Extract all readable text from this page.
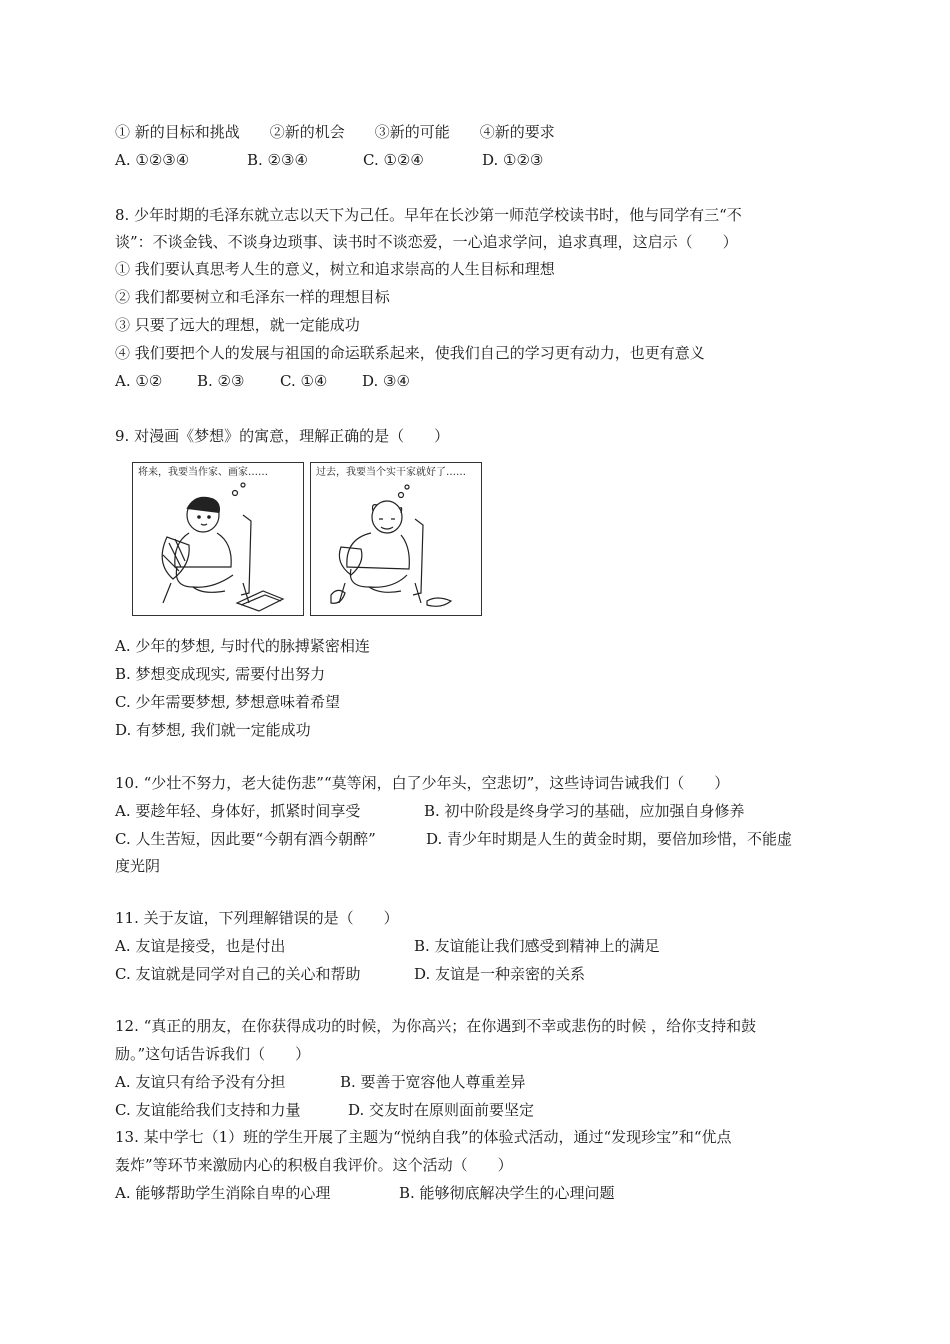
① 新的目标和挑战　　②新的机会　　③新的可能　　④新的要求
A. ①②③④	B. ②③④	C. ①②④	D. ①②③
8. 少年时期的毛泽东就立志以天下为己任。早年在长沙第一师范学校读书时，他与同学有三“不
谈”：不谈金钱、不谈身边琐事、读书时不谈恋爱，一心追求学问，追求真理，这启示（　　）
① 我们要认真思考人生的意义，树立和追求崇高的人生目标和理想
② 我们都要树立和毛泽东一样的理想目标
③ 只要了远大的理想，就一定能成功
④ 我们要把个人的发展与祖国的命运联系起来，使我们自己的学习更有动力，也更有意义
A. ①② B. ②③ C. ①④ D. ③④
9. 对漫画《梦想》的寓意，理解正确的是（　　）
将来，我要当作家、画家……	过去，我要当个实干家就好了……
A. 少年的梦想, 与时代的脉搏紧密相连
B. 梦想变成现实, 需要付出努力
C. 少年需要梦想, 梦想意味着希望
D. 有梦想, 我们就一定能成功
10. “少壮不努力，老大徒伤悲”“莫等闲，白了少年头，空悲切”，这些诗词告诫我们（　　）
A. 要趁年轻、身体好，抓紧时间享受	B. 初中阶段是终身学习的基础，应加强自身修养
C. 人生苦短，因此要“今朝有酒今朝醉”	D. 青少年时期是人生的黄金时期，要倍加珍惜，不能虚
度光阴
11. 关于友谊，下列理解错误的是（　　）
A. 友谊是接受，也是付出	B. 友谊能让我们感受到精神上的满足
C. 友谊就是同学对自己的关心和帮助	D. 友谊是一种亲密的关系
12. “真正的朋友，在你获得成功的时候，为你高兴；在你遇到不幸或悲伤的时候 ，给你支持和鼓
励。”这句话告诉我们（　　）
A. 友谊只有给予没有分担	B. 要善于宽容他人尊重差异
C. 友谊能给我们支持和力量	D. 交友时在原则面前要坚定
13. 某中学七（1）班的学生开展了主题为“悦纳自我”的体验式活动，通过“发现珍宝”和“优点
轰炸”等环节来激励内心的积极自我评价。这个活动（　　）
A. 能够帮助学生消除自卑的心理	B. 能够彻底解决学生的心理问题
